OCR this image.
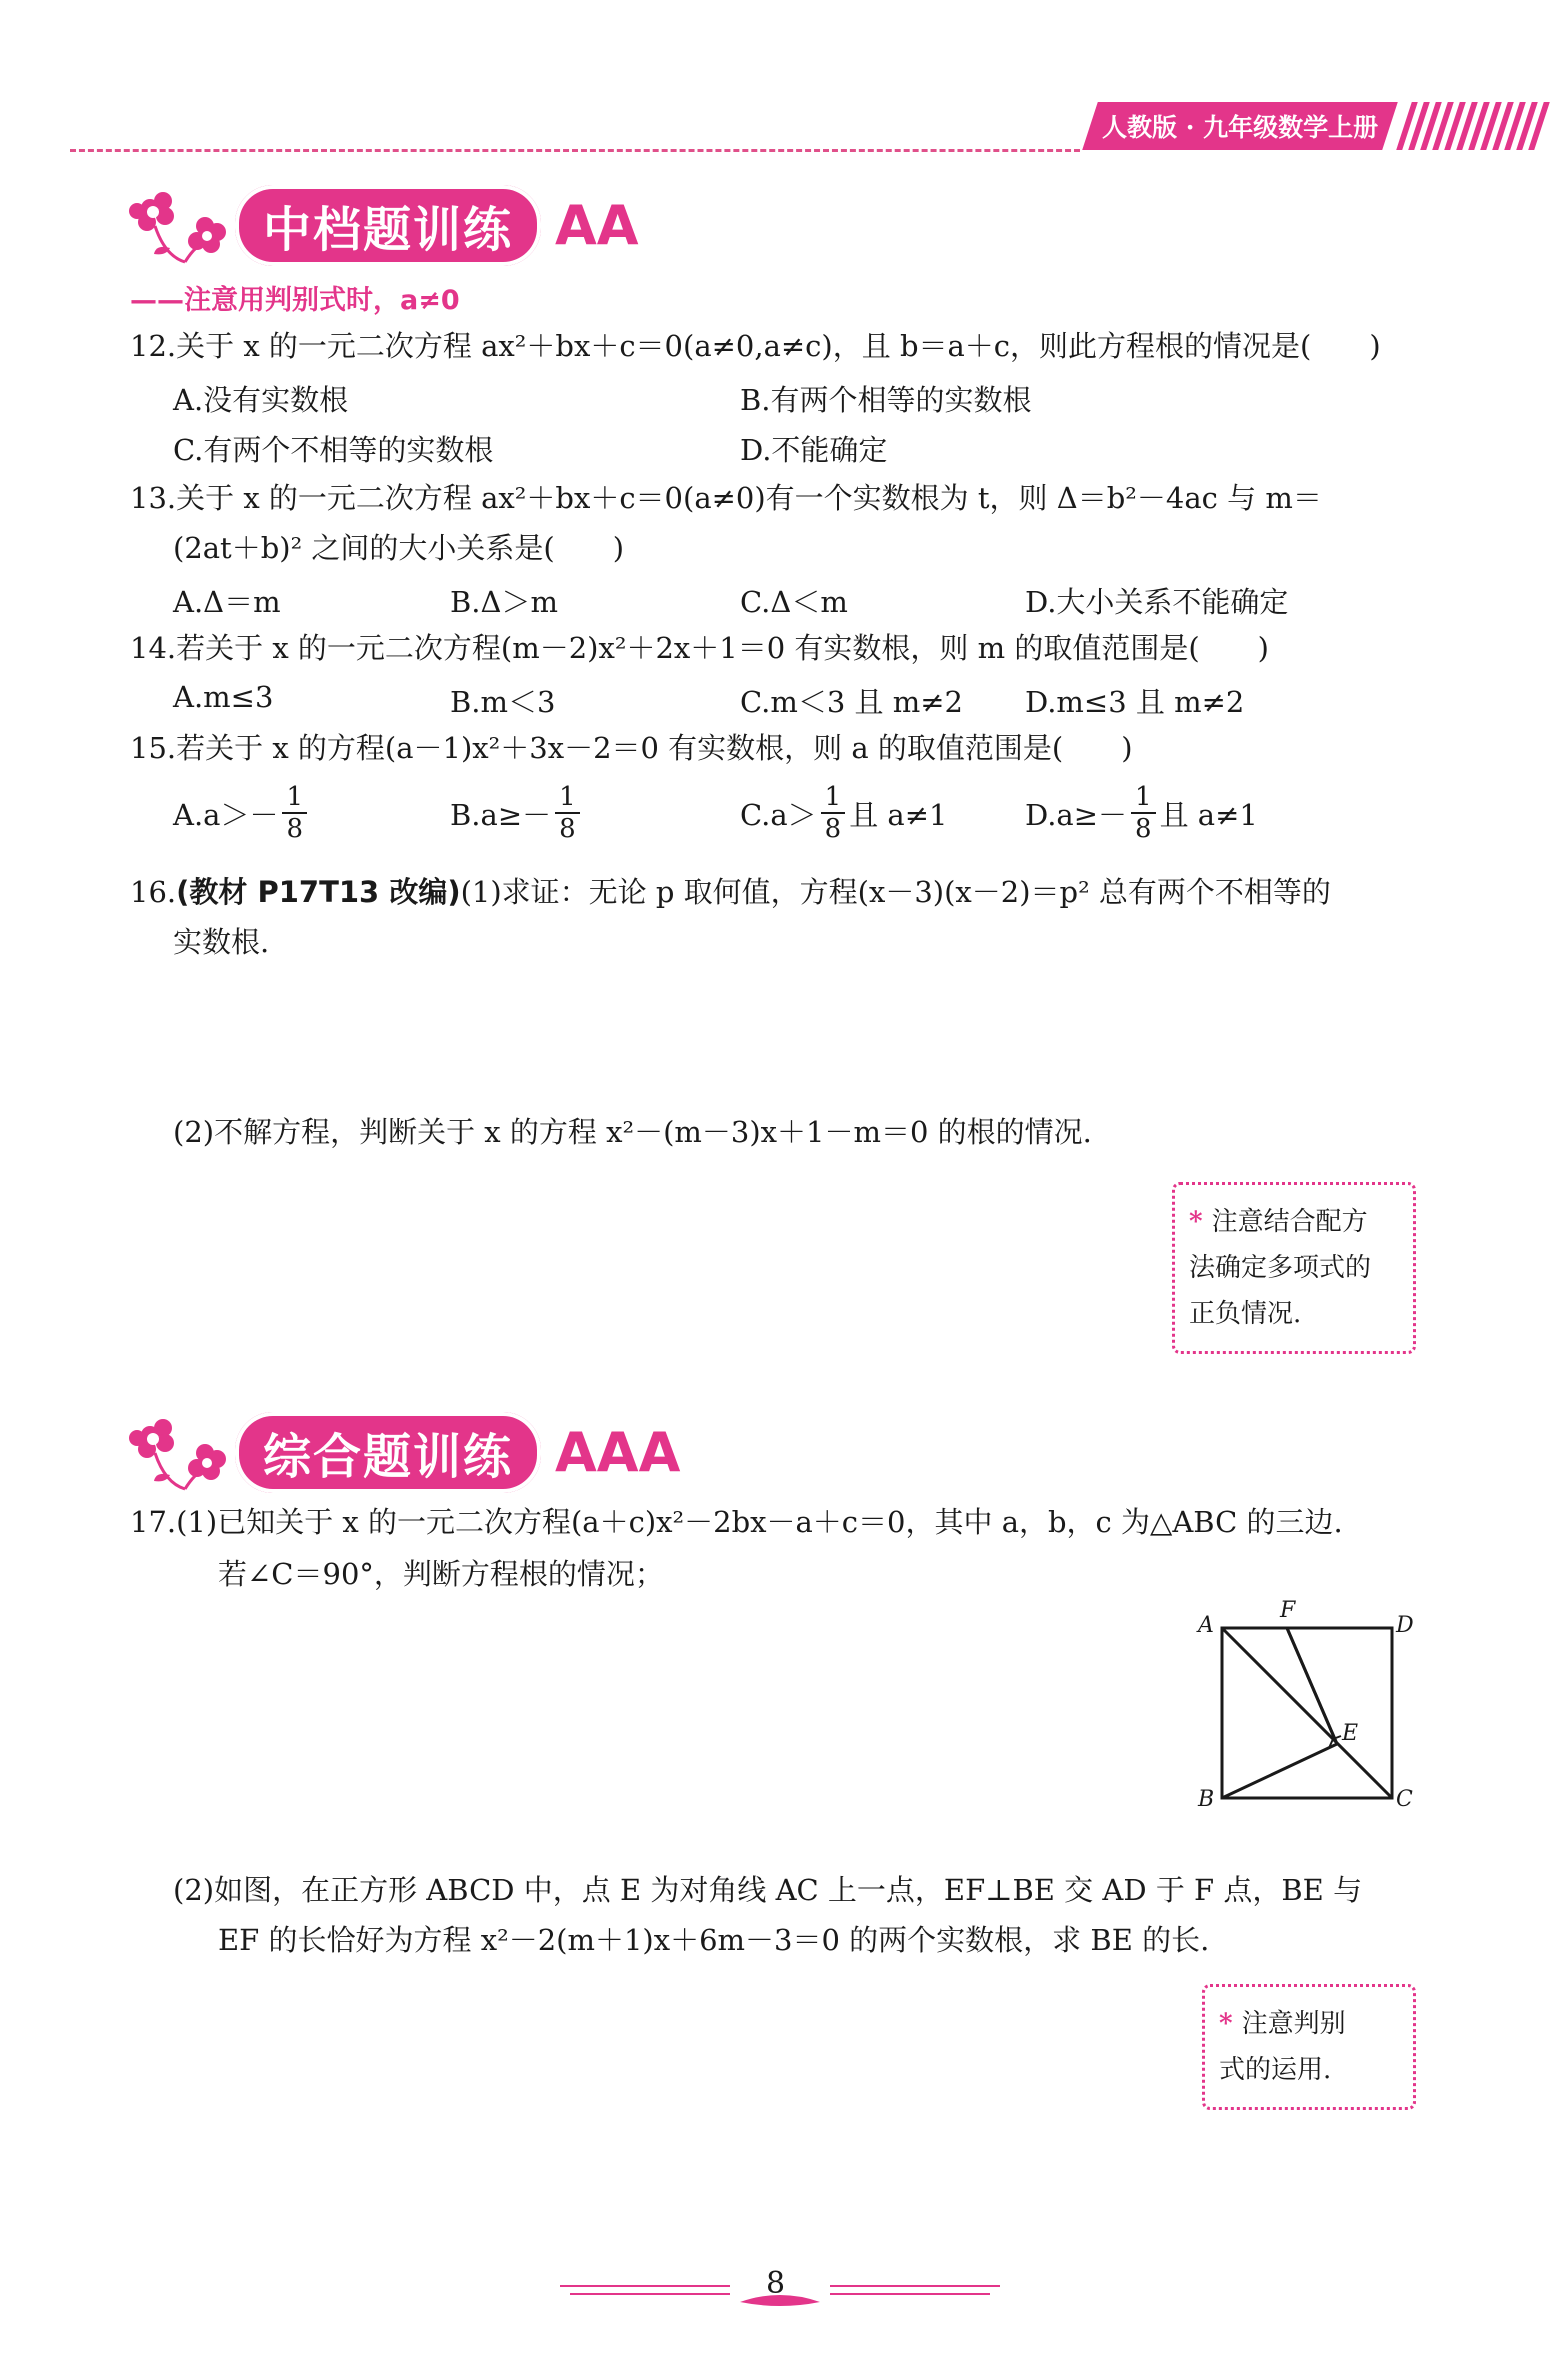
人教版 · 九年级数学上册
中档题训练 AA
——注意用判别式时，a≠0
12.关于 x 的一元二次方程 ax²＋bx＋c＝0(a≠0,a≠c)，且 b＝a＋c，则此方程根的情况是(　　)
A.没有实数根	B.有两个相等的实数根
C.有两个不相等的实数根	D.不能确定
13.关于 x 的一元二次方程 ax²＋bx＋c＝0(a≠0)有一个实数根为 t，则 Δ＝b²－4ac 与 m＝
(2at＋b)² 之间的大小关系是(　　)
A.Δ＝m	B.Δ＞m	C.Δ＜m	D.大小关系不能确定
14.若关于 x 的一元二次方程(m－2)x²＋2x＋1＝0 有实数根，则 m 的取值范围是(　　)
A.m≤3	B.m＜3	C.m＜3 且 m≠2 D.m≤3 且 m≠2
15.若关于 x 的方程(a－1)x²＋3x－2＝0 有实数根，则 a 的取值范围是(　　)
$A.a>- \frac{1}{8}$	$B.a\ge- \frac{1}{8}$	$C.a> \frac{1}{8}$ 且 a≠1	$D.a\ge- \frac{1}{8}$ 且 a≠1
16.(教材 P17T13 改编)(1)求证：无论 p 取何值，方程(x－3)(x－2)＝p² 总有两个不相等的
实数根.
(2)不解方程，判断关于 x 的方程 x²－(m－3)x＋1－m＝0 的根的情况.
* 注意结合配方
法确定多项式的
正负情况.
综合题训练 AAA
17.(1)已知关于 x 的一元二次方程(a＋c)x²－2bx－a＋c＝0，其中 a，b，c 为△ABC 的三边.
若∠C＝90°，判断方程根的情况；
A
F
D
E
B	C
(2)如图，在正方形 ABCD 中，点 E 为对角线 AC 上一点，EF⊥BE 交 AD 于 F 点，BE 与
EF 的长恰好为方程 x²－2(m＋1)x＋6m－3＝0 的两个实数根，求 BE 的长.
* 注意判别
式的运用.
8
